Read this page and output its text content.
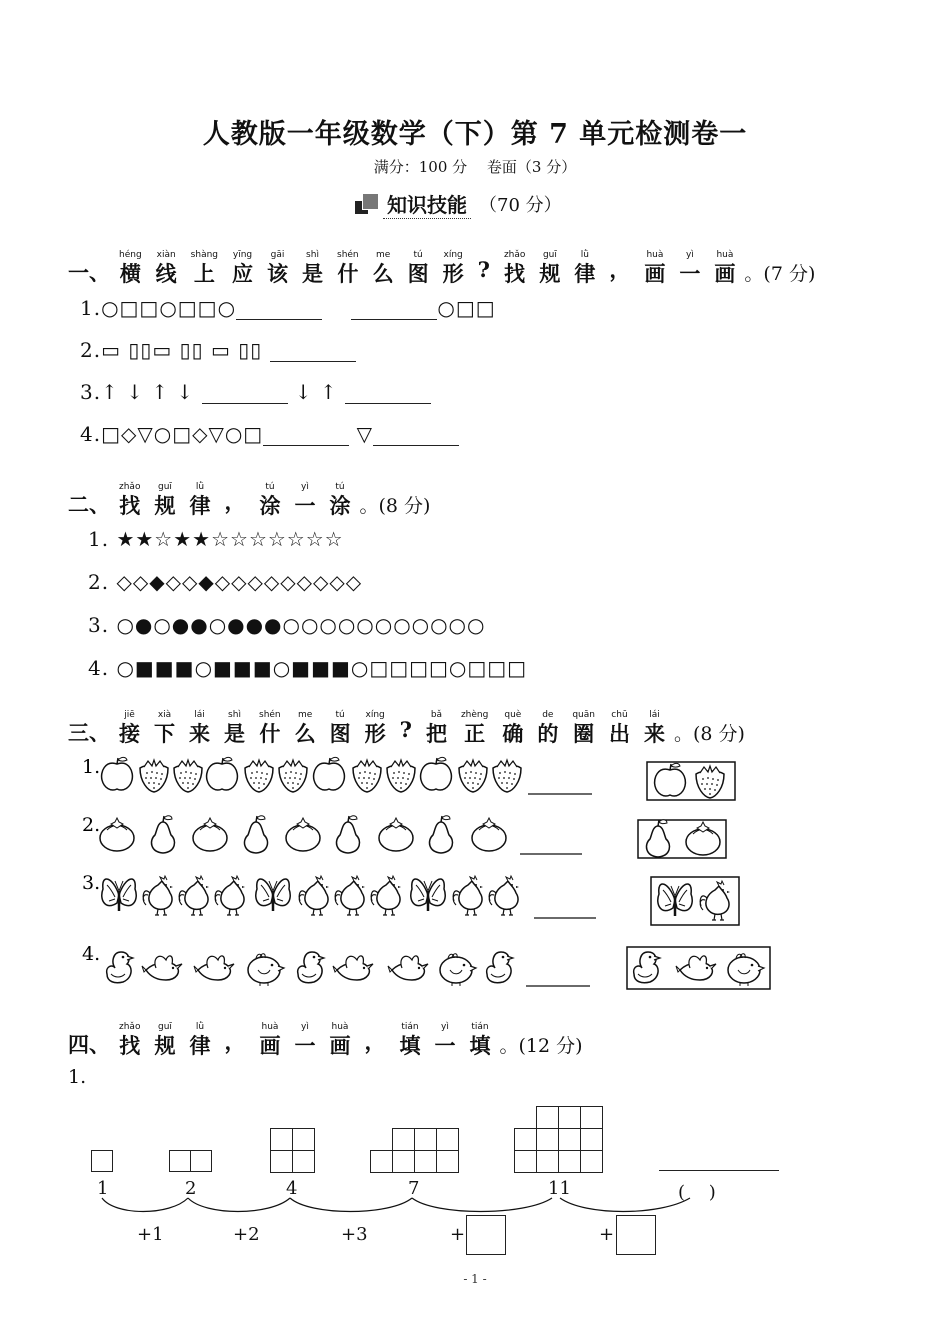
人教版一年级数学（下）第 7 单元检测卷一
满分：100 分　 卷面（3 分）
知识技能 （70 分）
一、
héng
横
xiàn
线
shàng
上
yīng
应
gāi
该
shì
是
shén
什
me
么
tú
图
xíng
形 ?
zhǎo
找
guī
规
lǜ
律 ，
huà
画
yì
一
huà
画 。(7 分)
1.○□□○□□○	○□□
2.▭ ▯▯▭ ▯▯ ▭ ▯▯
3.↑ ↓ ↑ ↓	↓ ↑
4.□◇▽○□◇▽○□	▽
二、
zhǎo
找
guī
规
lǜ
律 ，
tú
涂
yì
一
tú
涂 。(8 分)
1. ★★☆★★☆☆☆☆☆☆☆
2. ◇◇◆◇◇◆◇◇◇◇◇◇◇◇◇
3. ○●○●●○●●●○○○○○○○○○○○
4. ○■■■○■■■○■■■○□□□□○□□□
三、
jiē
接
xià
下
lái
来
shì
是
shén
什
me
么
tú
图
xíng
形 ?
bǎ
把
zhèng
正
què
确
de
的
quān
圈
chū
出
lái
来 。(8 分)
1.
2.
3.
4.
四、
zhǎo
找
guī
规
lǜ
律 ，
huà
画
yì
一
huà
画 ，
tián
填
yì
一
tián
填 。(12 分)
1.
1	2	4	7	11	(　 )
+1	+2	+3	+	+
- 1 -
